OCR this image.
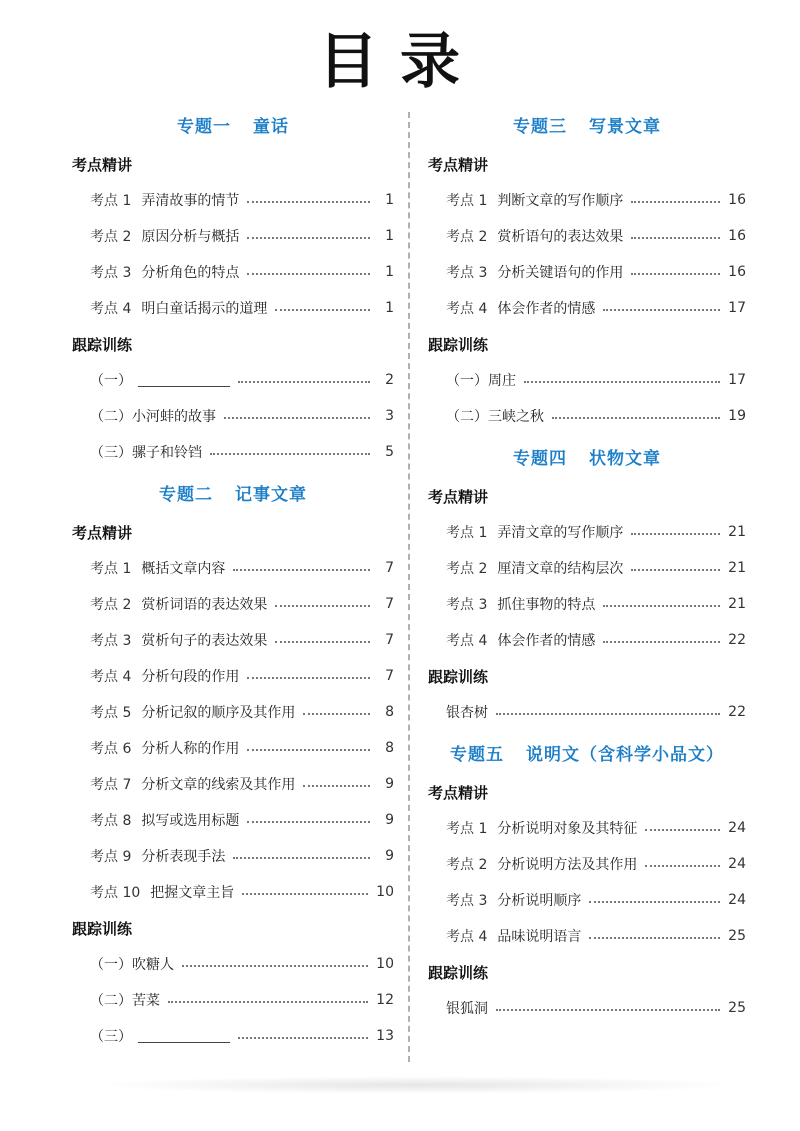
目录
专题一 童话
考点精讲
考点 1 弄清故事的情节	1
考点 2 原因分析与概括	1
考点 3 分析角色的特点	1
考点 4 明白童话揭示的道理	1
跟踪训练
（一）	2
（二）小河蚌的故事	3
（三）骡子和铃铛	5
专题二 记事文章
考点精讲
考点 1 概括文章内容	7
考点 2 赏析词语的表达效果	7
考点 3 赏析句子的表达效果	7
考点 4 分析句段的作用	7
考点 5 分析记叙的顺序及其作用	8
考点 6 分析人称的作用	8
考点 7 分析文章的线索及其作用	9
考点 8 拟写或选用标题	9
考点 9 分析表现手法	9
考点 10 把握文章主旨	10
跟踪训练
（一）吹糖人	10
（二）苦菜	12
（三）	13
专题三 写景文章
考点精讲
考点 1 判断文章的写作顺序	16
考点 2 赏析语句的表达效果	16
考点 3 分析关键语句的作用	16
考点 4 体会作者的情感	17
跟踪训练
（一）周庄	17
（二）三峡之秋	19
专题四 状物文章
考点精讲
考点 1 弄清文章的写作顺序	21
考点 2 厘清文章的结构层次	21
考点 3 抓住事物的特点	21
考点 4 体会作者的情感	22
跟踪训练
银杏树	22
专题五 说明文（含科学小品文）
考点精讲
考点 1 分析说明对象及其特征	24
考点 2 分析说明方法及其作用	24
考点 3 分析说明顺序	24
考点 4 品味说明语言	25
跟踪训练
银狐洞	25
